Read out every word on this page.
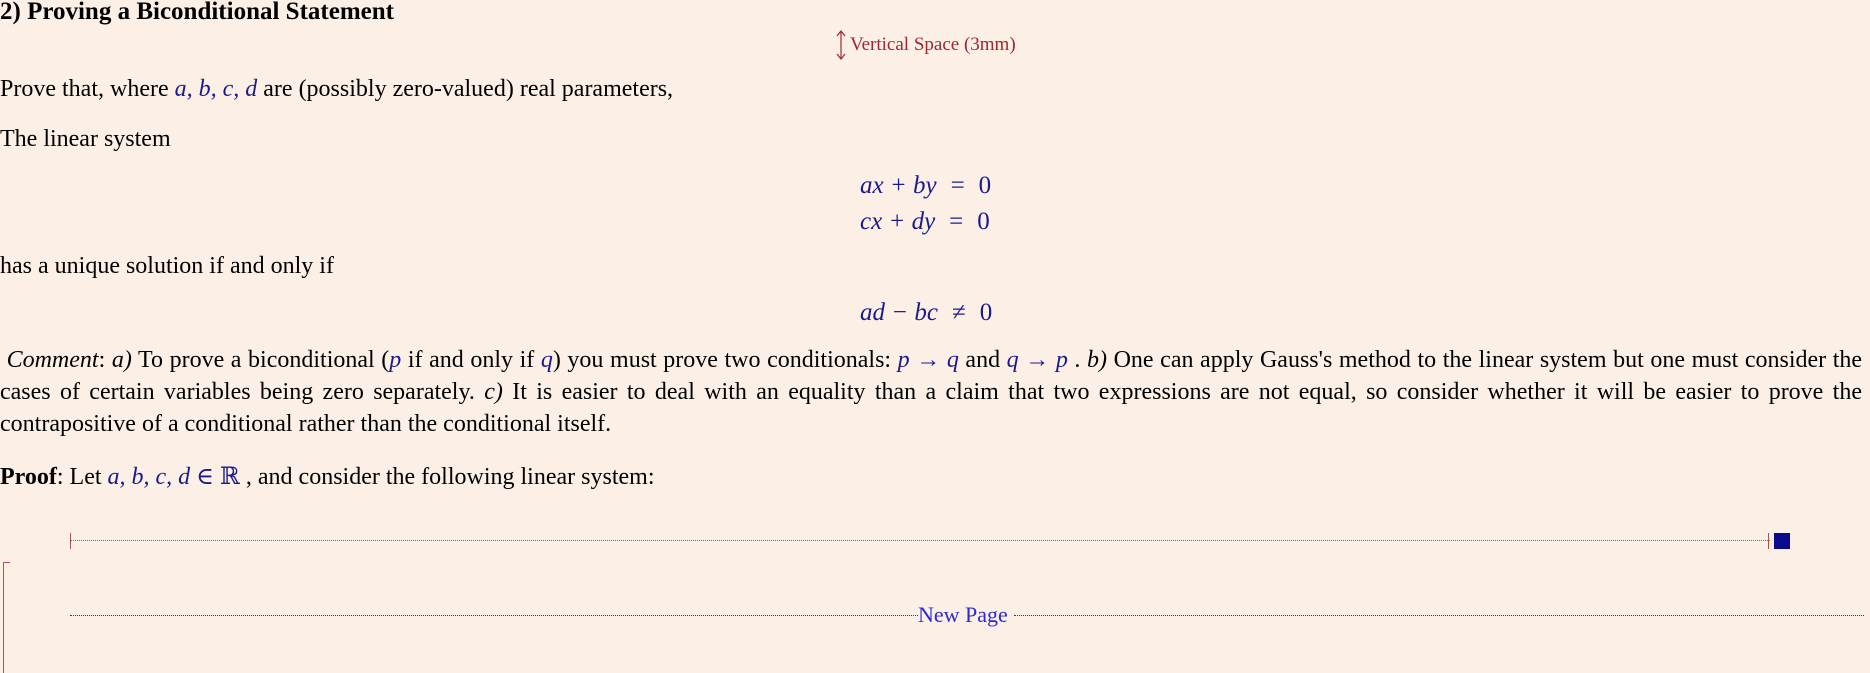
2) Proving a Biconditional Statement
Vertical Space (3mm)
Prove that, where a, b, c, d are (possibly zero-valued) real parameters,
The linear system
ax + by = 0
cx + dy = 0
has a unique solution if and only if
ad − bc ≠ 0
Comment: a) To prove a biconditional (p if and only if q) you must prove two conditionals: p → q and q → p . b) One can apply Gauss's method to the linear system but one must consider the cases of certain variables being zero separately. c) It is easier to deal with an equality than a claim that two expressions are not equal, so consider whether it will be easier to prove the contrapositive of a conditional rather than the conditional itself.
Proof: Let a, b, c, d ∈ ℝ , and consider the following linear system:
New Page
